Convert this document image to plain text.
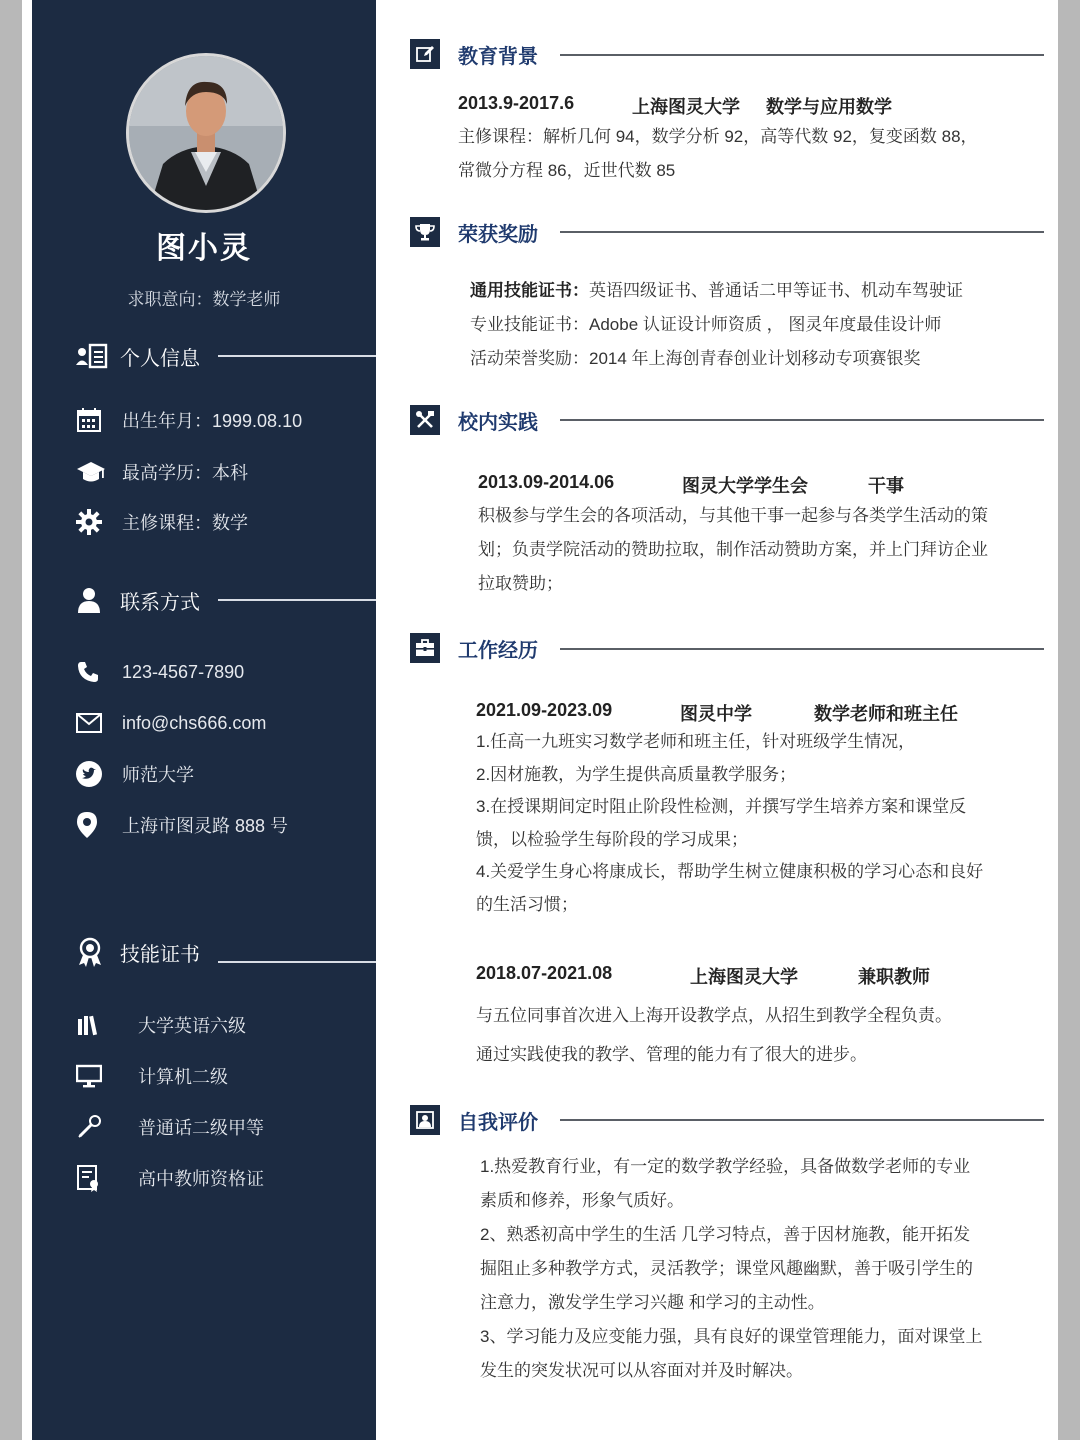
图小灵
求职意向：数学老师
个人信息
出生年月：1999.08.10
最高学历：本科
主修课程：数学
联系方式
123-4567-7890
info@chs666.com
师范大学
上海市图灵路 888 号
技能证书
大学英语六级
计算机二级
普通话二级甲等
高中教师资格证
教育背景
2013.9-2017.6	上海图灵大学 数学与应用数学
主修课程：解析几何 94，数学分析 92，高等代数 92，复变函数 88，
常微分方程 86，近世代数 85
荣获奖励
通用技能证书：英语四级证书、普通话二甲等证书、机动车驾驶证
专业技能证书：Adobe 认证设计师资质 ， 图灵年度最佳设计师
活动荣誉奖励：2014 年上海创青春创业计划移动专项赛银奖
校内实践
2013.09-2014.06	图灵大学学生会	干事
积极参与学生会的各项活动，与其他干事一起参与各类学生活动的策
划；负责学院活动的赞助拉取，制作活动赞助方案，并上门拜访企业
拉取赞助；
工作经历
2021.09-2023.09	图灵中学	数学老师和班主任
1.任高一九班实习数学老师和班主任，针对班级学生情况，
2.因材施教，为学生提供高质量教学服务；
3.在授课期间定时阻止阶段性检测，并撰写学生培养方案和课堂反
馈，以检验学生每阶段的学习成果；
4.关爱学生身心将康成长，帮助学生树立健康积极的学习心态和良好
的生活习惯；
2018.07-2021.08	上海图灵大学	兼职教师
与五位同事首次进入上海开设教学点，从招生到教学全程负责。
通过实践使我的教学、管理的能力有了很大的进步。
自我评价
1.热爱教育行业，有一定的数学教学经验，具备做数学老师的专业
素质和修养，形象气质好。
2、熟悉初高中学生的生活 几学习特点，善于因材施教，能开拓发
掘阻止多种教学方式，灵活教学；课堂风趣幽默，善于吸引学生的
注意力，激发学生学习兴趣 和学习的主动性。
3、学习能力及应变能力强，具有良好的课堂管理能力，面对课堂上
发生的突发状况可以从容面对并及时解决。
